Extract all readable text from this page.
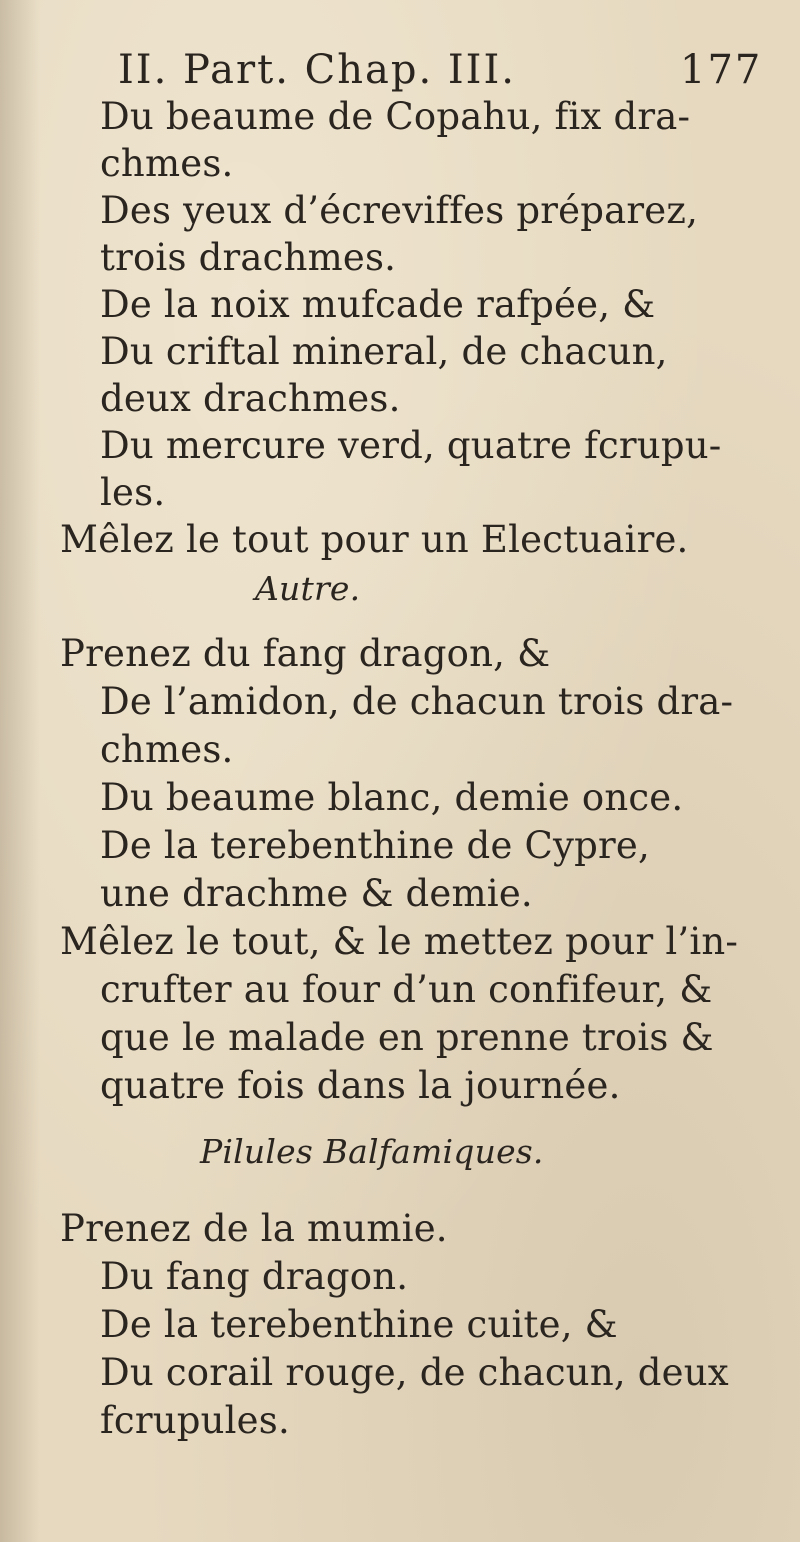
II. Part. Chap. III.	177
Du beaume de Copahu, fix dra-
chmes.
Des yeux d’écreviffes préparez,
trois drachmes.
De la noix mufcade rafpée, &
Du criftal mineral, de chacun,
deux drachmes.
Du mercure verd, quatre fcrupu-
les.
Mêlez le tout pour un Electuaire.
Autre.
Prenez du fang dragon, &
De l’amidon, de chacun trois dra-
chmes.
Du beaume blanc, demie once.
De la terebenthine de Cypre,
une drachme & demie.
Mêlez le tout, & le mettez pour l’in-
crufter au four d’un confifeur, &
que le malade en prenne trois &
quatre fois dans la journée.
Pilules Balfamiques.
Prenez de la mumie.
Du fang dragon.
De la terebenthine cuite, &
Du corail rouge, de chacun, deux
fcrupules.
